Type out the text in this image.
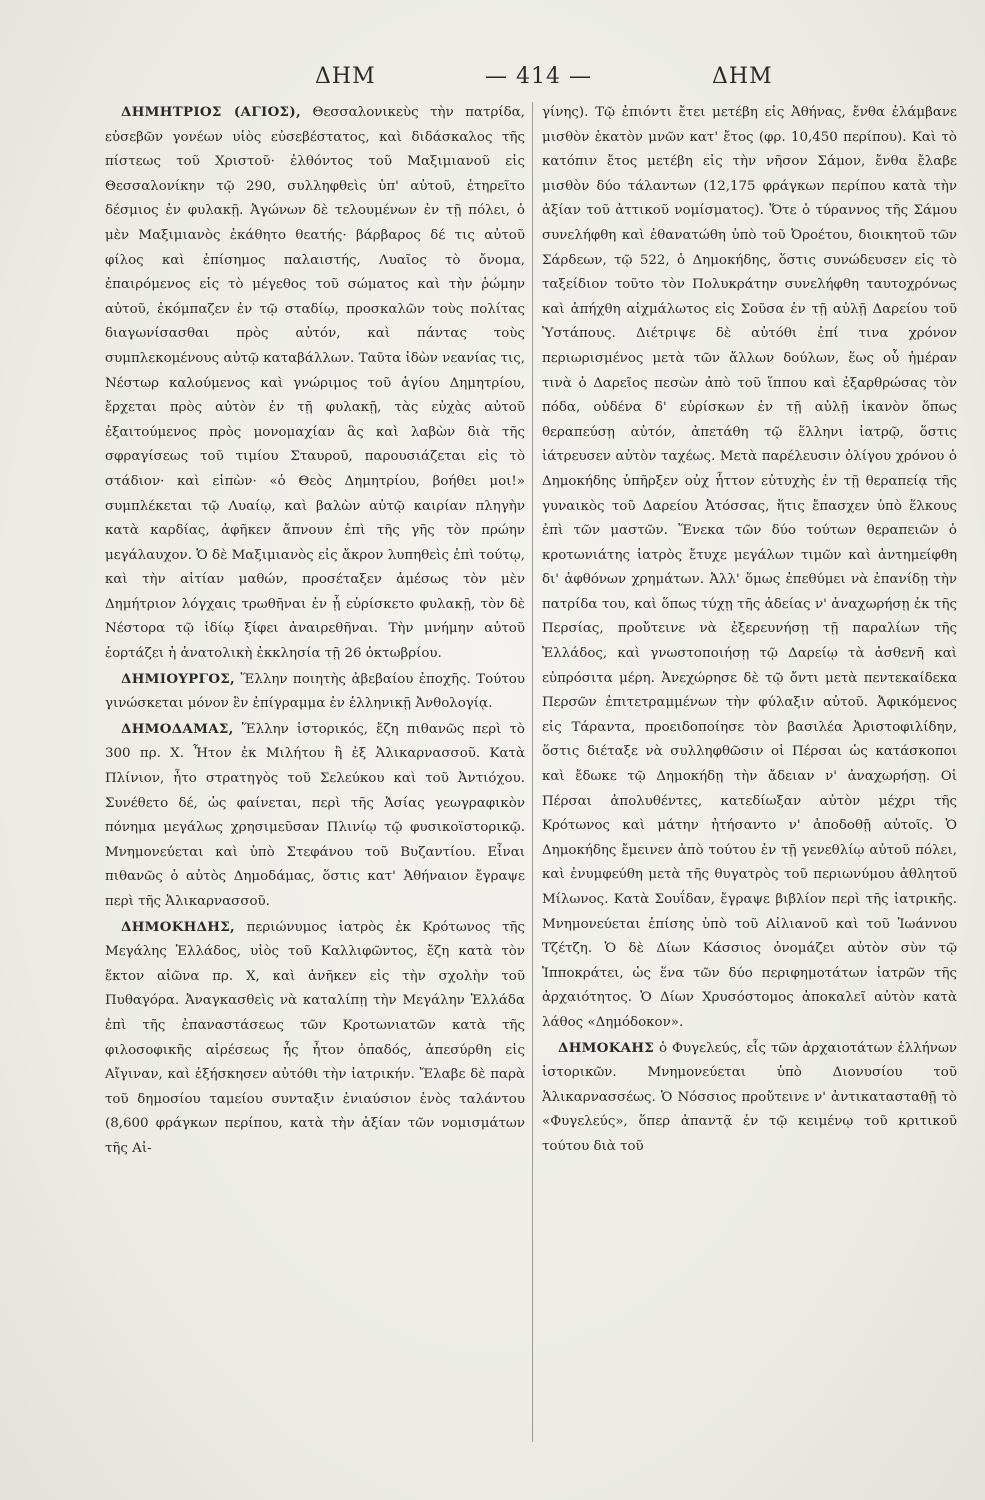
ΔΗΜ	— 414 —	ΔΗΜ

ΔΗΜΗΤΡΙΟΣ (ΑΓΙΟΣ), Θεσσαλονικεὺς τὴν πατρίδα, εὐσεβῶν γονέων υἱὸς εὐσεβέστατος, καὶ διδάσκαλος τῆς πίστεως τοῦ Χριστοῦ· ἐλθόντος τοῦ Μαξιμιανοῦ εἰς Θεσσαλονίκην τῷ 290, συλληφθεὶς ὑπ' αὐτοῦ, ἐτηρεῖτο δέσμιος ἐν φυλακῇ. Ἀγώνων δὲ τελουμένων ἐν τῇ πόλει, ὁ μὲν Μαξιμιανὸς ἐκάθητο θεατής· βάρβαρος δέ τις αὐτοῦ φίλος καὶ ἐπίσημος παλαιστής, Λυαῖος τὸ ὄνομα, ἐπαιρόμενος εἰς τὸ μέγεθος τοῦ σώματος καὶ τὴν ῥώμην αὐτοῦ, ἐκόμπαζεν ἐν τῷ σταδίῳ, προσκαλῶν τοὺς πολίτας διαγωνίσασθαι πρὸς αὐτόν, καὶ πάντας τοὺς συμπλεκομένους αὐτῷ καταβάλλων. Ταῦτα ἰδὼν νεανίας τις, Νέστωρ καλούμενος καὶ γνώριμος τοῦ ἁγίου Δημητρίου, ἔρχεται πρὸς αὐτὸν ἐν τῇ φυλακῇ, τὰς εὐχὰς αὐτοῦ ἐξαιτούμενος πρὸς μονομαχίαν ἃς καὶ λαβὼν διὰ τῆς σφραγίσεως τοῦ τιμίου Σταυροῦ, παρουσιάζεται εἰς τὸ στάδιον· καὶ εἰπὼν· «ὁ Θεὸς Δημητρίου, βοήθει μοι!» συμπλέκεται τῷ Λυαίῳ, καὶ βαλὼν αὐτῷ καιρίαν πληγὴν κατὰ καρδίας, ἀφῆκεν ἄπνουν ἐπὶ τῆς γῆς τὸν πρώην μεγάλαυχον. Ὁ δὲ Μαξιμιανὸς εἰς ἄκρον λυπηθεὶς ἐπὶ τούτῳ, καὶ τὴν αἰτίαν μαθών, προσέταξεν ἀμέσως τὸν μὲν Δημήτριον λόγχαις τρωθῆναι ἐν ᾗ εὑρίσκετο φυλακῇ, τὸν δὲ Νέστορα τῷ ἰδίῳ ξίφει ἀναιρεθῆναι. Τὴν μνήμην αὐτοῦ ἑορτάζει ἡ ἀνατολικὴ ἐκκλησία τῇ 26 ὀκτωβρίου.

ΔΗΜΙΟΥΡΓΟΣ, Ἕλλην ποιητὴς ἀβεβαίου ἐποχῆς. Τούτου γινώσκεται μόνον ἓν ἐπίγραμμα ἐν ἑλληνικῇ Ἀνθολογίᾳ.

ΔΗΜΟΔΑΜΑΣ, Ἕλλην ἱστορικός, ἔζη πιθανῶς περὶ τὸ 300 πρ. Χ. Ἦτον ἐκ Μιλήτου ἢ ἐξ Ἁλικαρνασσοῦ. Κατὰ Πλίνιον, ἦτο στρατηγὸς τοῦ Σελεύκου καὶ τοῦ Ἀντιόχου. Συνέθετο δέ, ὡς φαίνεται, περὶ τῆς Ἀσίας γεωγραφικὸν πόνημα μεγάλως χρησιμεῦσαν Πλινίῳ τῷ φυσικοϊστορικῷ. Μνημονεύεται καὶ ὑπὸ Στεφάνου τοῦ Βυζαντίου. Εἶναι πιθανῶς ὁ αὐτὸς Δημοδάμας, ὅστις κατ' Ἀθήναιον ἔγραψε περὶ τῆς Ἁλικαρνασσοῦ.

ΔΗΜΟΚΗΔΗΣ, περιώνυμος ἰατρὸς ἐκ Κρότωνος τῆς Μεγάλης Ἑλλάδος, υἱὸς τοῦ Καλλιφῶντος, ἔζη κατὰ τὸν ἕκτον αἰῶνα πρ. Χ, καὶ ἀνῆκεν εἰς τὴν σχολὴν τοῦ Πυθαγόρα. Ἀναγκασθεὶς νὰ καταλίπῃ τὴν Μεγάλην Ἑλλάδα ἐπὶ τῆς ἐπαναστάσεως τῶν Κροτωνιατῶν κατὰ τῆς φιλοσοφικῆς αἱρέσεως ἧς ἦτον ὀπαδός, ἀπεσύρθη εἰς Αἴγιναν, καὶ ἐξήσκησεν αὐτόθι τὴν ἰατρικήν. Ἔλαβε δὲ παρὰ τοῦ δημοσίου ταμείου συνταξιν ἐνιαύσιον ἑνὸς ταλάντου (8,600 φράγκων περίπου, κατὰ τὴν ἀξίαν τῶν νομισμάτων τῆς Αἰ-

γίνης). Τῷ ἐπιόντι ἔτει μετέβη εἰς Ἀθήνας, ἔνθα ἐλάμβανε μισθὸν ἑκατὸν μνῶν κατ' ἔτος (φρ. 10,450 περίπου). Καὶ τὸ κατόπιν ἔτος μετέβη εἰς τὴν νῆσον Σάμον, ἔνθα ἔλαβε μισθὸν δύο τάλαντων (12,175 φράγκων περίπου κατὰ τὴν ἀξίαν τοῦ ἀττικοῦ νομίσματος). Ὅτε ὁ τύραννος τῆς Σάμου συνελήφθη καὶ ἐθανατώθη ὑπὸ τοῦ Ὀροέτου, διοικητοῦ τῶν Σάρδεων, τῷ 522, ὁ Δημοκήδης, ὅστις συνώδευσεν εἰς τὸ ταξείδιον τοῦτο τὸν Πολυκράτην συνελήφθη ταυτοχρόνως καὶ ἀπήχθη αἰχμάλωτος εἰς Σοῦσα ἐν τῇ αὐλῇ Δαρείου τοῦ Ὑστάπους. Διέτριψε δὲ αὐτόθι ἐπί τινα χρόνον περιωρισμένος μετὰ τῶν ἄλλων δούλων, ἕως οὗ ἡμέραν τινὰ ὁ Δαρεῖος πεσὼν ἀπὸ τοῦ ἵππου καὶ ἐξαρθρώσας τὸν πόδα, οὐδένα δ' εὑρίσκων ἐν τῇ αὐλῇ ἱκανὸν ὅπως θεραπεύσῃ αὐτόν, ἀπετάθη τῷ ἕλληνι ἰατρῷ, ὅστις ἰάτρευσεν αὐτὸν ταχέως. Μετὰ παρέλευσιν ὀλίγου χρόνου ὁ Δημοκήδης ὑπῆρξεν οὐχ ἧττον εὐτυχὴς ἐν τῇ θεραπείᾳ τῆς γυναικὸς τοῦ Δαρείου Ἀτόσσας, ἥτις ἔπασχεν ὑπὸ ἕλκους ἐπὶ τῶν μαστῶν. Ἕνεκα τῶν δύο τούτων θεραπειῶν ὁ κροτωνιάτης ἰατρὸς ἔτυχε μεγάλων τιμῶν καὶ ἀντημείφθη δι' ἀφθόνων χρημάτων. Ἀλλ' ὅμως ἐπεθύμει νὰ ἐπανίδῃ τὴν πατρίδα του, καὶ ὅπως τύχῃ τῆς ἀδείας ν' ἀναχωρήσῃ ἐκ τῆς Περσίας, προὔτεινε νὰ ἐξερευνήσῃ τῇ παραλίων τῆς Ἑλλάδος, καὶ γνωστοποιήσῃ τῷ Δαρείῳ τὰ ἀσθενῆ καὶ εὐπρόσιτα μέρη. Ἀνεχώρησε δὲ τῷ ὄντι μετὰ πεντεκαίδεκα Περσῶν ἐπιτετραμμένων τὴν φύλαξιν αὐτοῦ. Ἀφικόμενος εἰς Τάραντα, προειδοποίησε τὸν βασιλέα Ἀριστοφιλίδην, ὅστις διέταξε νὰ συλληφθῶσιν οἱ Πέρσαι ὡς κατάσκοποι καὶ ἔδωκε τῷ Δημοκήδῃ τὴν ἄδειαν ν' ἀναχωρήσῃ. Οἱ Πέρσαι ἀπολυθέντες, κατεδίωξαν αὐτὸν μέχρι τῆς Κρότωνος καὶ μάτην ἠτήσαντο ν' ἀποδοθῇ αὐτοῖς. Ὁ Δημοκήδης ἔμεινεν ἀπὸ τούτου ἐν τῇ γενεθλίῳ αὐτοῦ πόλει, καὶ ἐνυμφεύθη μετὰ τῆς θυγατρὸς τοῦ περιωνύμου ἀθλητοῦ Μίλωνος. Κατὰ Σουΐδαν, ἔγραψε βιβλίον περὶ τῆς ἰατρικῆς. Μνημονεύεται ἐπίσης ὑπὸ τοῦ Αἰλιανοῦ καὶ τοῦ Ἰωάννου Τζέτζη. Ὁ δὲ Δίων Κάσσιος ὀνομάζει αὐτὸν σὺν τῷ Ἱπποκράτει, ὡς ἕνα τῶν δύο περιφημοτάτων ἰατρῶν τῆς ἀρχαιότητος. Ὁ Δίων Χρυσόστομος ἀποκαλεῖ αὐτὸν κατὰ λάθος «Δημόδοκον».

ΔΗΜΟΚΑΗΣ ὁ Φυγελεύς, εἷς τῶν ἀρχαιοτάτων ἑλλήνων ἱστορικῶν. Μνημονεύεται ὑπὸ Διονυσίου τοῦ Ἁλικαρνασσέως. Ὁ Νόσσιος προὔτεινε ν' ἀντικατασταθῇ τὸ «Φυγελεύς», ὅπερ ἀπαντᾷ ἐν τῷ κειμένῳ τοῦ κριτικοῦ τούτου διὰ τοῦ
